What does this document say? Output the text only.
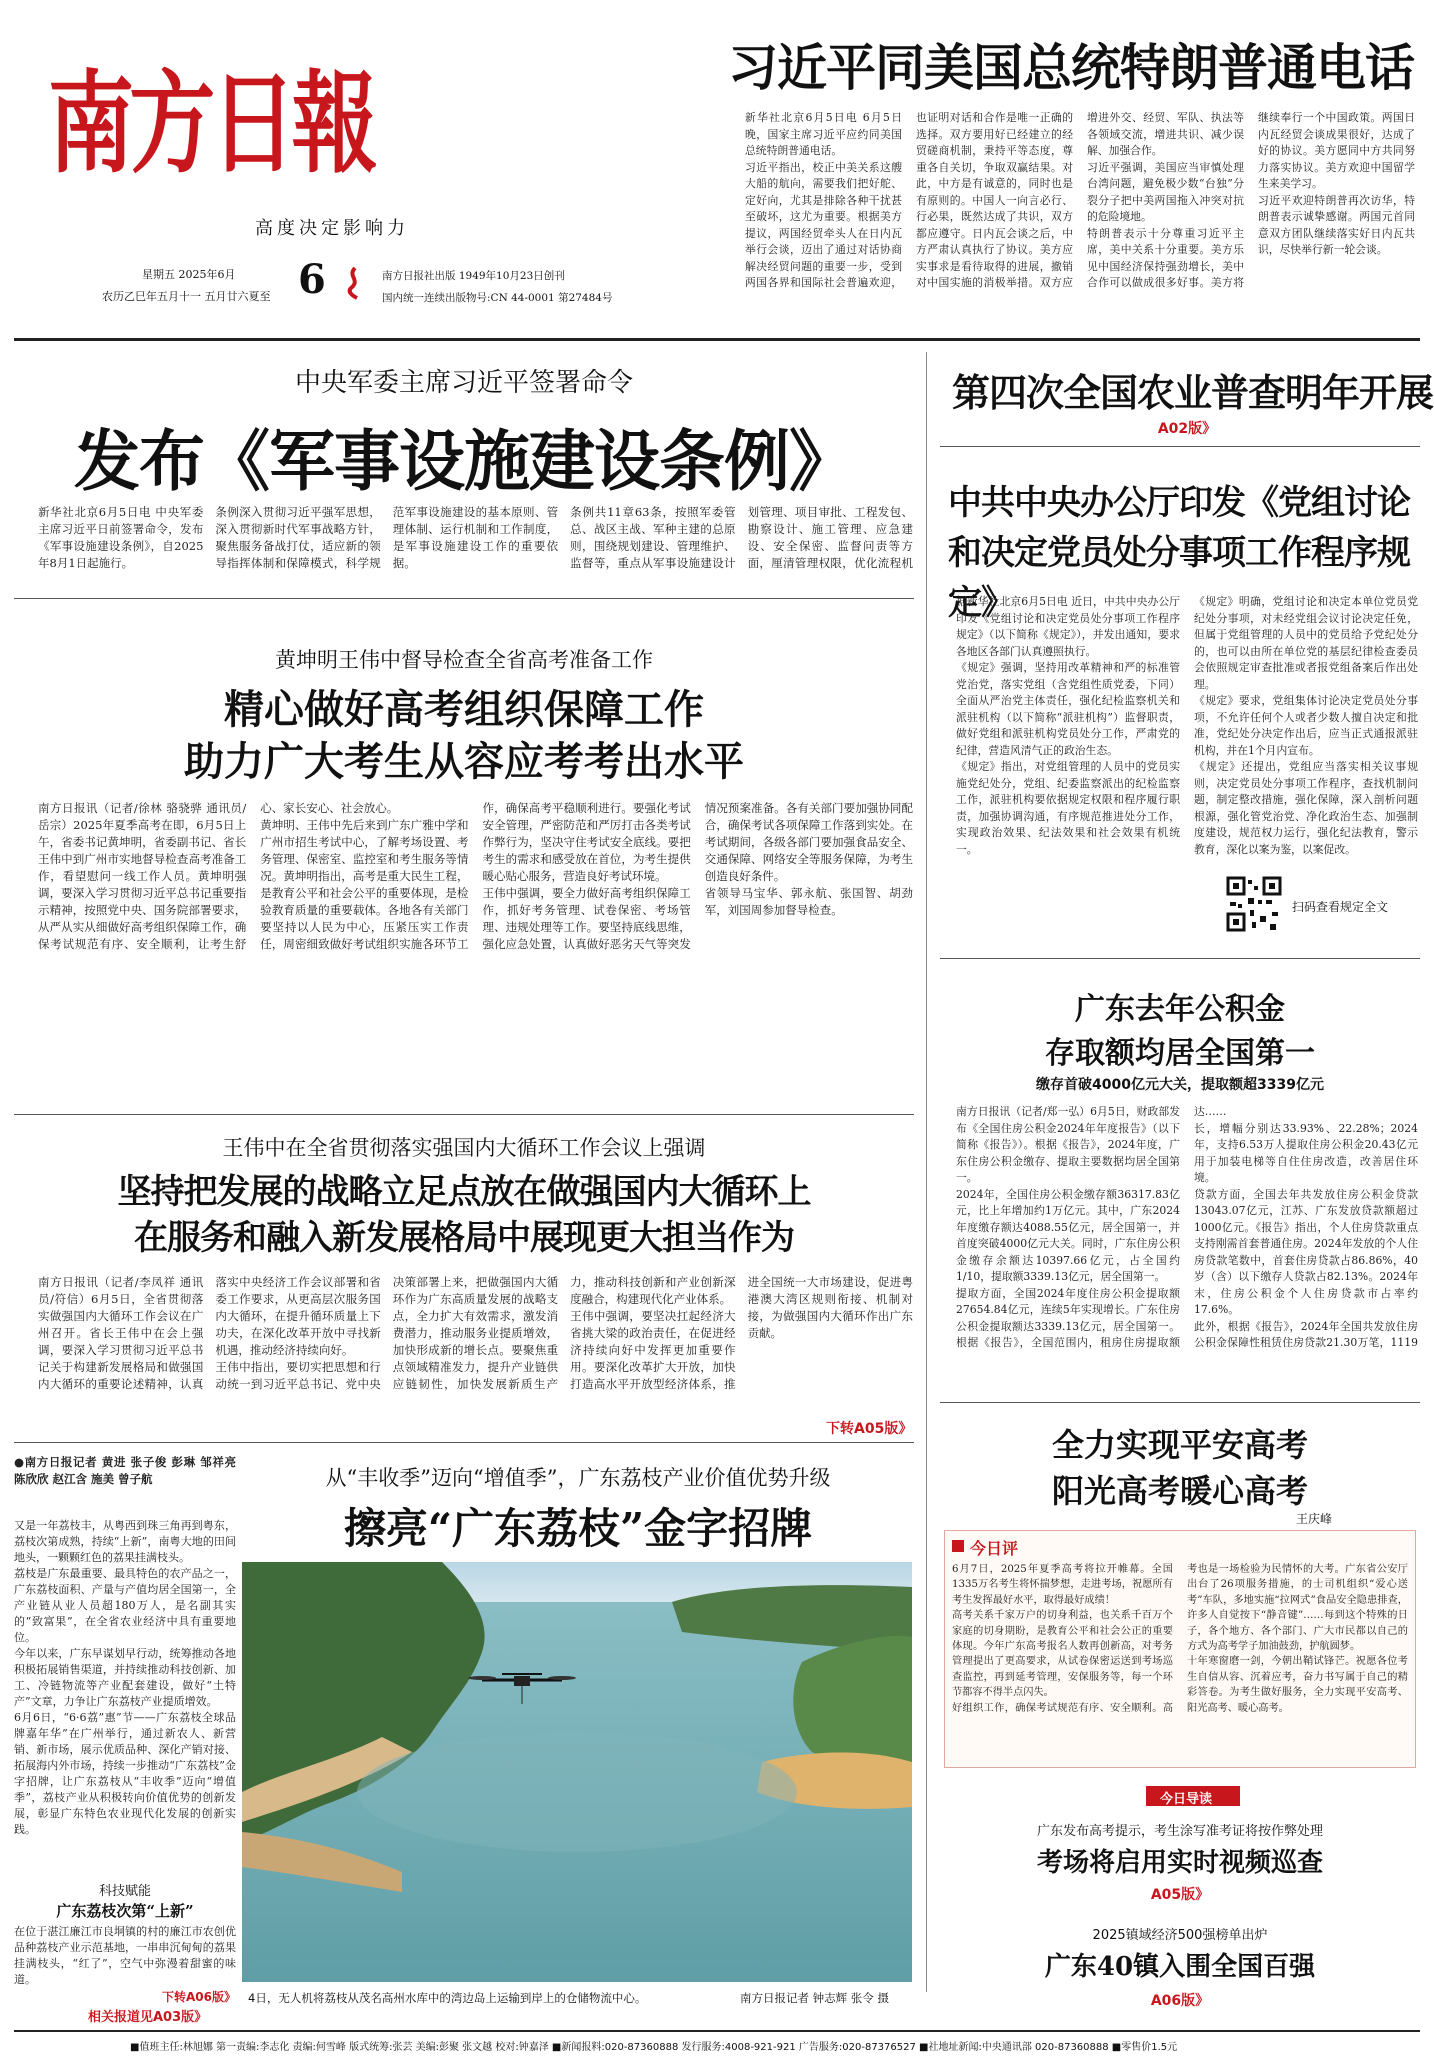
南方日報
高度决定影响力
星期五 2025年6月
农历乙巳年五月十一 五月廿六夏至 6	南方日报社出版 1949年10月23日创刊
国内统一连续出版物号:CN 44-0001 第27484号
习近平同美国总统特朗普通电话
新华社北京6月5日电 6月5日晚，国家主席习近平应约同美国总统特朗普通电话。
习近平指出，校正中美关系这艘大船的航向，需要我们把好舵、定好向，尤其是排除各种干扰甚至破坏，这尤为重要。根据美方提议，两国经贸牵头人在日内瓦举行会谈，迈出了通过对话协商解决经贸问题的重要一步，受到两国各界和国际社会普遍欢迎，也证明对话和合作是唯一正确的选择。双方要用好已经建立的经贸磋商机制，秉持平等态度，尊重各自关切，争取双赢结果。对此，中方是有诚意的，同时也是有原则的。中国人一向言必行、行必果，既然达成了共识，双方都应遵守。日内瓦会谈之后，中方严肃认真执行了协议。美方应实事求是看待取得的进展，撤销对中国实施的消极举措。双方应增进外交、经贸、军队、执法等各领域交流，增进共识、减少误解、加强合作。
习近平强调，美国应当审慎处理台湾问题，避免极少数“台独”分裂分子把中美两国拖入冲突对抗的危险境地。
特朗普表示十分尊重习近平主席，美中关系十分重要。美方乐见中国经济保持强劲增长，美中合作可以做成很多好事。美方将继续奉行一个中国政策。两国日内瓦经贸会谈成果很好，达成了好的协议。美方愿同中方共同努力落实协议。美方欢迎中国留学生来美学习。
习近平欢迎特朗普再次访华，特朗普表示诚挚感谢。两国元首同意双方团队继续落实好日内瓦共识，尽快举行新一轮会谈。
中央军委主席习近平签署命令
发布《军事设施建设条例》
新华社北京6月5日电 中央军委主席习近平日前签署命令，发布《军事设施建设条例》，自2025年8月1日起施行。
条例深入贯彻习近平强军思想，深入贯彻新时代军事战略方针，聚焦服务备战打仗，适应新的领导指挥体制和保障模式，科学规范军事设施建设的基本原则、管理体制、运行机制和工作制度，是军事设施建设工作的重要依据。
条例共11章63条，按照军委管总、战区主战、军种主建的总原则，围绕规划建设、管理维护、监督等，重点从军事设施建设计划管理、项目审批、工程发包、勘察设计、施工管理、应急建设、安全保密、监督问责等方面，厘清管理权限，优化流程机
第四次全国农业普查明年开展
A02版》
中共中央办公厅印发《党组讨论和决定党员处分事项工作程序规定》
据新华社北京6月5日电 近日，中共中央办公厅印发《党组讨论和决定党员处分事项工作程序规定》（以下简称《规定》），并发出通知，要求各地区各部门认真遵照执行。
《规定》强调，坚持用改革精神和严的标准管党治党，落实党组（含党组性质党委，下同）全面从严治党主体责任，强化纪检监察机关和派驻机构（以下简称“派驻机构”）监督职责，做好党组和派驻机构党员处分工作，严肃党的纪律，营造风清气正的政治生态。
《规定》指出，对党组管理的人员中的党员实施党纪处分，党组、纪委监察派出的纪检监察工作，派驻机构要依据规定权限和程序履行职责，加强协调沟通，有序规范推进处分工作，实现政治效果、纪法效果和社会效果有机统一。
《规定》明确，党组讨论和决定本单位党员党纪处分事项，对未经党组会议讨论决定任免，但属于党组管理的人员中的党员给予党纪处分的，也可以由所在单位党的基层纪律检查委员会依照规定审查批准或者报党组备案后作出处理。
《规定》要求，党组集体讨论决定党员处分事项，不允许任何个人或者少数人擅自决定和批准，党纪处分决定作出后，应当正式通报派驻机构，并在1个月内宣布。
《规定》还提出，党组应当落实相关议事规则，决定党员处分事项工作程序，查找机制问题，制定整改措施，强化保障，深入剖析问题根源，强化管党治党、净化政治生态、加强制度建设，规范权力运行，强化纪法教育，警示教育，深化以案为鉴，以案促改。
扫码查看规定全文
黄坤明王伟中督导检查全省高考准备工作
精心做好高考组织保障工作
助力广大考生从容应考考出水平
南方日报讯（记者/徐林 骆骁骅 通讯员/岳宗）2025年夏季高考在即，6月5日上午，省委书记黄坤明，省委副书记、省长王伟中到广州市实地督导检查高考准备工作，看望慰问一线工作人员。黄坤明强调，要深入学习贯彻习近平总书记重要指示精神，按照党中央、国务院部署要求，从严从实从细做好高考组织保障工作，确保考试规范有序、安全顺利，让考生舒心、家长安心、社会放心。
黄坤明、王伟中先后来到广东广雅中学和广州市招生考试中心，了解考场设置、考务管理、保密室、监控室和考生服务等情况。黄坤明指出，高考是重大民生工程，是教育公平和社会公平的重要体现，是检验教育质量的重要载体。各地各有关部门要坚持以人民为中心，压紧压实工作责任，周密细致做好考试组织实施各环节工作，确保高考平稳顺利进行。要强化考试安全管理，严密防范和严厉打击各类考试作弊行为，坚决守住考试安全底线。要把考生的需求和感受放在首位，为考生提供暖心贴心服务，营造良好考试环境。
王伟中强调，要全力做好高考组织保障工作，抓好考务管理、试卷保密、考场管理、违规处理等工作。要坚持底线思维，强化应急处置，认真做好恶劣天气等突发情况预案准备。各有关部门要加强协同配合，确保考试各项保障工作落到实处。在考试期间，各级各部门要加强食品安全、交通保障、网络安全等服务保障，为考生创造良好条件。
省领导马宝华、郭永航、张国智、胡劲军，刘国周参加督导检查。
广东去年公积金
存取额均居全国第一
缴存首破4000亿元大关，提取额超3339亿元
南方日报讯（记者/郑一弘）6月5日，财政部发布《全国住房公积金2024年年度报告》（以下简称《报告》）。根据《报告》，2024年度，广东住房公积金缴存、提取主要数据均居全国第一。
2024年，全国住房公积金缴存额36317.83亿元，比上年增加约1万亿元。其中，广东2024年度缴存额达4088.55亿元，居全国第一，并首度突破4000亿元大关。同时，广东住房公积金缴存余额达10397.66亿元，占全国约1/10，提取额3339.13亿元，居全国第一。
提取方面，全国2024年度住房公积金提取额27654.84亿元，连续5年实现增长。广东住房公积金提取额达3339.13亿元，居全国第一。根据《报告》，全国范围内，租房住房提取额达……
长，增幅分别达33.93%、22.28%；2024年，支持6.53万人提取住房公积金20.43亿元用于加装电梯等自住住房改造，改善居住环境。
贷款方面，全国去年共发放住房公积金贷款13043.07亿元，江苏、广东发放贷款额超过1000亿元。《报告》指出，个人住房贷款重点支持刚需首套普通住房。2024年发放的个人住房贷款笔数中，首套住房贷款占86.86%，40岁（含）以下缴存人贷款占82.13%。2024年末，住房公积金个人住房贷款市占率约17.6%。
此外，根据《报告》，2024年全国共发放住房公积金保障性租赁住房贷款21.30万笔，1119
王伟中在全省贯彻落实强国内大循环工作会议上强调
坚持把发展的战略立足点放在做强国内大循环上
在服务和融入新发展格局中展现更大担当作为
南方日报讯（记者/李凤祥 通讯员/符信）6月5日，全省贯彻落实做强国内大循环工作会议在广州召开。省长王伟中在会上强调，要深入学习贯彻习近平总书记关于构建新发展格局和做强国内大循环的重要论述精神，认真落实中央经济工作会议部署和省委工作要求，从更高层次服务国内大循环，在提升循环质量上下功夫，在深化改革开放中寻找新机遇，推动经济持续向好。
王伟中指出，要切实把思想和行动统一到习近平总书记、党中央决策部署上来，把做强国内大循环作为广东高质量发展的战略支点，全力扩大有效需求，激发消费潜力，推动服务业提质增效，加快形成新的增长点。要聚焦重点领域精准发力，提升产业链供应链韧性，加快发展新质生产力，推动科技创新和产业创新深度融合，构建现代化产业体系。
王伟中强调，要坚决扛起经济大省挑大梁的政治责任，在促进经济持续向好中发挥更加重要作用。要深化改革扩大开放，加快打造高水平开放型经济体系，推进全国统一大市场建设，促进粤港澳大湾区规则衔接、机制对接，为做强国内大循环作出广东贡献。
下转A05版》
●南方日报记者 黄进 张子俊 彭琳 邹祥亮 陈欣欣 赵江含 施美 曾子航
又是一年荔枝丰，从粤西到珠三角再到粤东，荔枝次第成熟，持续“上新”，南粤大地的田间地头，一颗颗红色的荔果挂满枝头。
荔枝是广东最重要、最具特色的农产品之一，广东荔枝面积、产量与产值均居全国第一，全产业链从业人员超180万人，是名副其实的“致富果”，在全省农业经济中具有重要地位。
今年以来，广东早谋划早行动，统筹推动各地积极拓展销售渠道，并持续推动科技创新、加工、冷链物流等产业配套建设，做好“土特产”文章，力争让广东荔枝产业提质增效。
6月6日，“6·6荔”惠”节——广东荔枝全球品牌嘉年华”在广州举行，通过新农人、新营销、新市场，展示优质品种、深化产销对接、拓展海内外市场，持续一步推动“广东荔枝”金字招牌，让广东荔枝从“丰收季”迈向“增值季”，荔枝产业从积极转向价值优势的创新发展，彰显广东特色农业现代化发展的创新实践。
科技赋能
广东荔枝次第“上新”
在位于湛江廉江市良垌镇的村的廉江市农创优品种荔枝产业示范基地，一串串沉甸甸的荔果挂满枝头，“红了”，空气中弥漫着甜蜜的味道。
下转A06版》
相关报道见A03版》
从“丰收季”迈向“增值季”，广东荔枝产业价值优势升级
擦亮“广东荔枝”金字招牌
4日，无人机将荔枝从茂名高州水库中的湾边岛上运输到岸上的仓储物流中心。	南方日报记者 钟志辉 张令 摄
全力实现平安高考
阳光高考暖心高考
王庆峰
今日评
6月7日，2025年夏季高考将拉开帷幕。全国1335万名考生将怀揣梦想，走进考场，祝愿所有考生发挥最好水平，取得最好成绩！
高考关系千家万户的切身利益，也关系千百万个家庭的切身期盼，是教育公平和社会公正的重要体现。今年广东高考报名人数再创新高，对考务管理提出了更高要求，从试卷保密运送到考场巡查监控，再到延考管理，安保服务等，每一个环节都容不得半点闪失。
好组织工作，确保考试规范有序、安全顺利。高考也是一场检验为民情怀的大考。广东省公安厅出台了26项服务措施，的士司机组织“爱心送考”车队，多地实施“拉网式”食品安全隐患排查，许多人自觉按下“静音键”……每到这个特殊的日子，各个地方、各个部门、广大市民都以自己的方式为高考学子加油鼓劲，护航圆梦。
十年寒窗磨一剑，今朝出鞘试锋芒。祝愿各位考生自信从容、沉着应考，奋力书写属于自己的精彩答卷。为考生做好服务，全力实现平安高考、阳光高考、暖心高考。
今日导读
广东发布高考提示，考生涂写准考证将按作弊处理
考场将启用实时视频巡查
A05版》
2025镇域经济500强榜单出炉
广东40镇入围全国百强
A06版》
■值班主任:林旭娜 第一责编:李志化 责编:何雪峰 版式统筹:张芸 美编:彭聚 张文越 校对:钟嘉泽 ■新闻报料:020-87360888 发行服务:4008-921-921 广告服务:020-87376527 ■社地址新闻:中央通讯部 020-87360888 ■零售价1.5元
